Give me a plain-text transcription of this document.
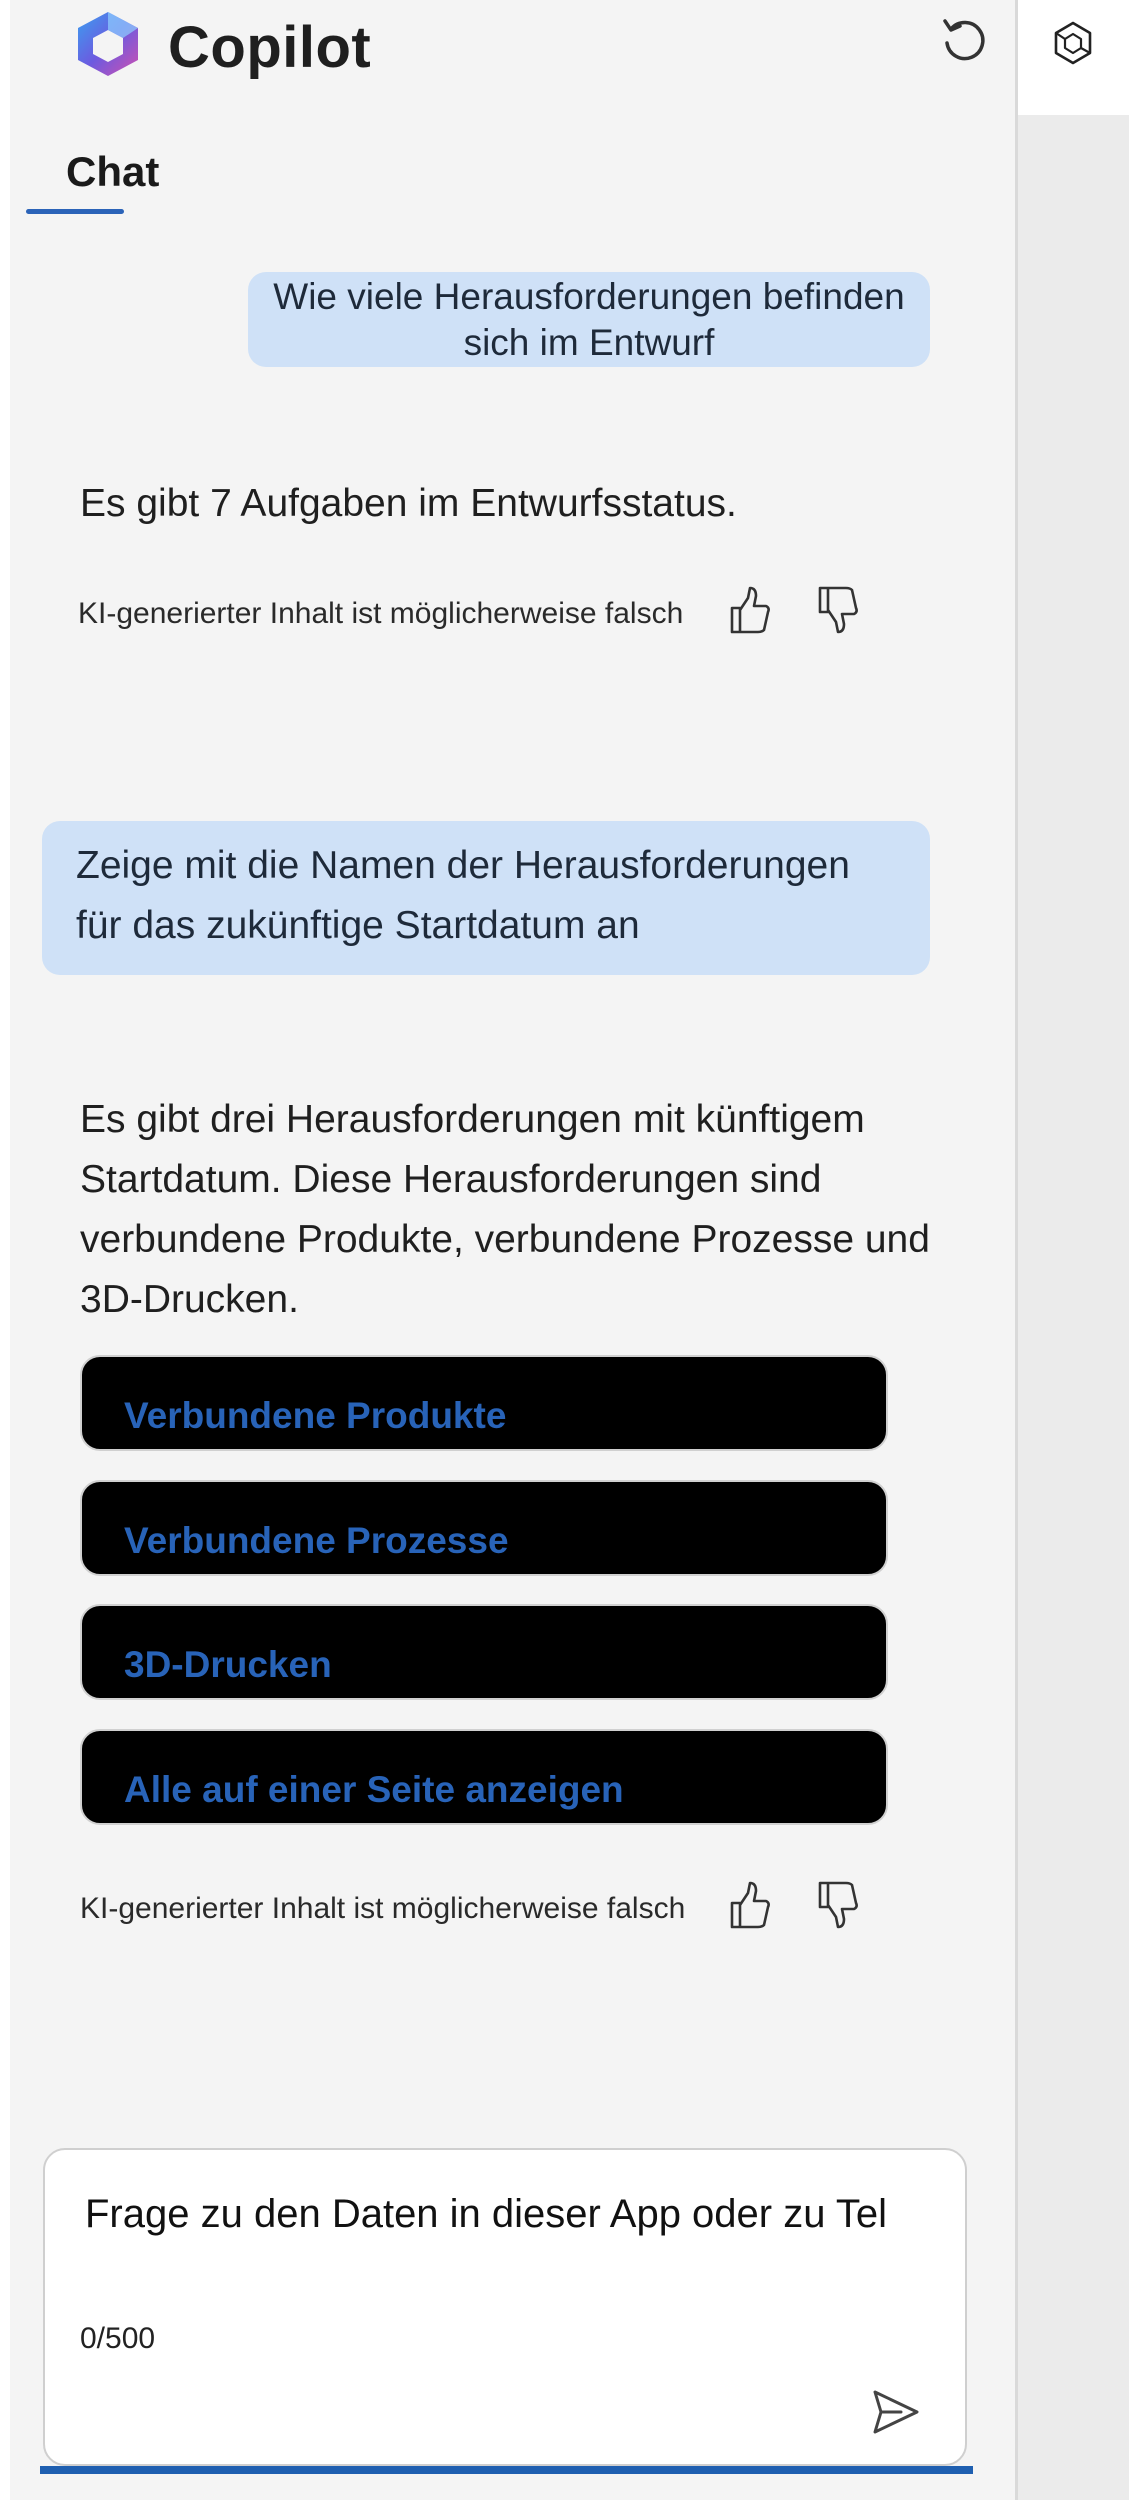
Copilot
Chat
Wie viele Herausforderungen befinden sich im Entwurf
Es gibt 7 Aufgaben im Entwurfsstatus.
KI-generierter Inhalt ist möglicherweise falsch
Zeige mit die Namen der Herausforderungen für das zukünftige Startdatum an
Es gibt drei Herausforderungen mit künftigem Startdatum. Diese Herausforderungen sind verbundene Produkte, verbundene Prozesse und 3D-Drucken.
Verbundene Produkte
Verbundene Prozesse
3D-Drucken
Alle auf einer Seite anzeigen
KI-generierter Inhalt ist möglicherweise falsch
Frage zu den Daten in dieser App oder zu Tel
0/500
